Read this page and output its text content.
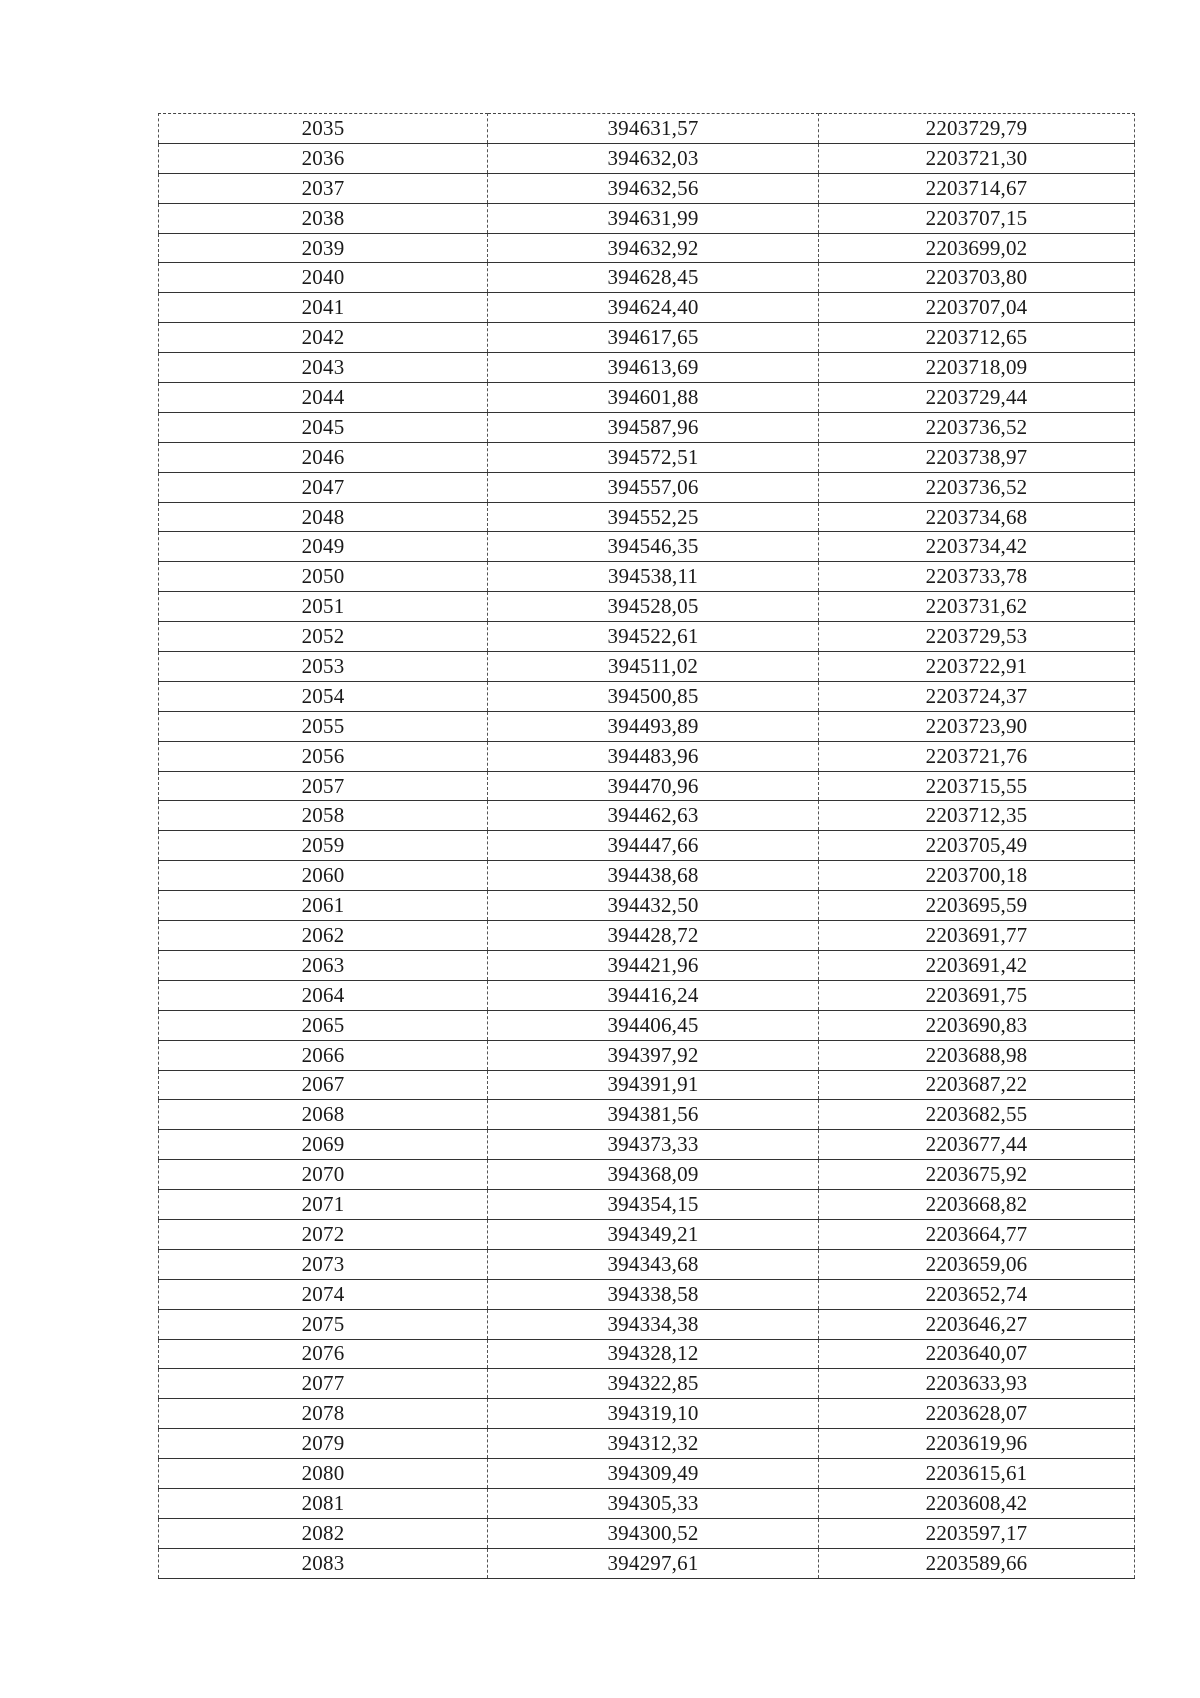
2035	394631,57	2203729,79
2036	394632,03	2203721,30
2037	394632,56	2203714,67
2038	394631,99	2203707,15
2039	394632,92	2203699,02
2040	394628,45	2203703,80
2041	394624,40	2203707,04
2042	394617,65	2203712,65
2043	394613,69	2203718,09
2044	394601,88	2203729,44
2045	394587,96	2203736,52
2046	394572,51	2203738,97
2047	394557,06	2203736,52
2048	394552,25	2203734,68
2049	394546,35	2203734,42
2050	394538,11	2203733,78
2051	394528,05	2203731,62
2052	394522,61	2203729,53
2053	394511,02	2203722,91
2054	394500,85	2203724,37
2055	394493,89	2203723,90
2056	394483,96	2203721,76
2057	394470,96	2203715,55
2058	394462,63	2203712,35
2059	394447,66	2203705,49
2060	394438,68	2203700,18
2061	394432,50	2203695,59
2062	394428,72	2203691,77
2063	394421,96	2203691,42
2064	394416,24	2203691,75
2065	394406,45	2203690,83
2066	394397,92	2203688,98
2067	394391,91	2203687,22
2068	394381,56	2203682,55
2069	394373,33	2203677,44
2070	394368,09	2203675,92
2071	394354,15	2203668,82
2072	394349,21	2203664,77
2073	394343,68	2203659,06
2074	394338,58	2203652,74
2075	394334,38	2203646,27
2076	394328,12	2203640,07
2077	394322,85	2203633,93
2078	394319,10	2203628,07
2079	394312,32	2203619,96
2080	394309,49	2203615,61
2081	394305,33	2203608,42
2082	394300,52	2203597,17
2083	394297,61	2203589,66
